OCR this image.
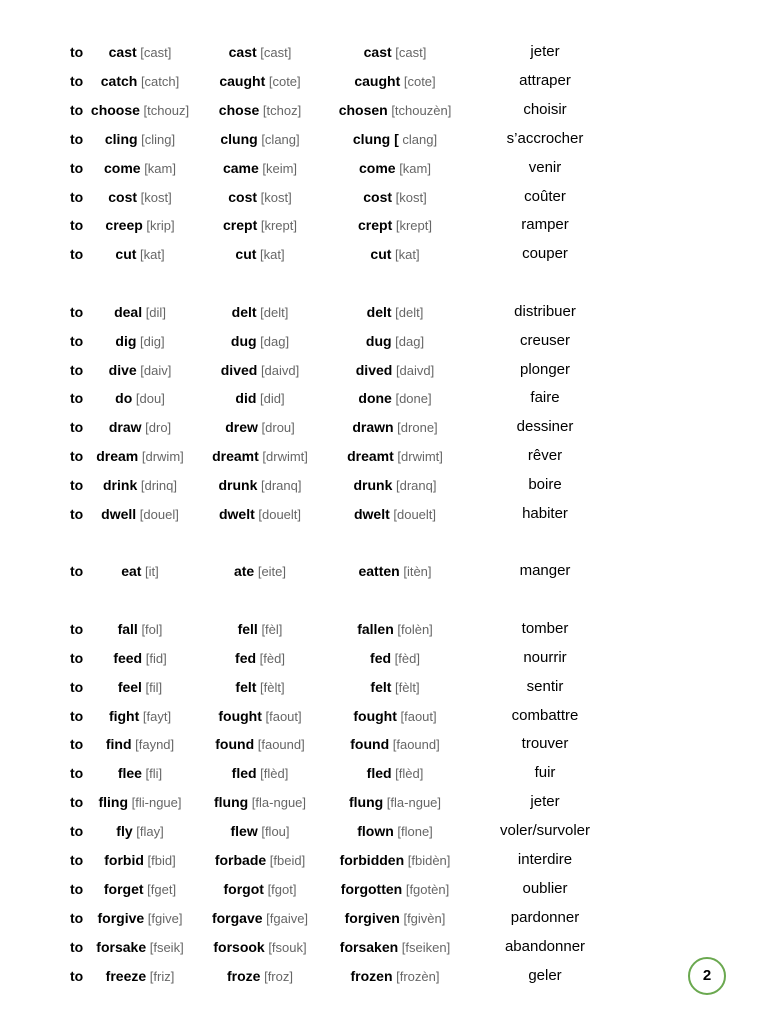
to cast [cast]	cast [cast]	cast [cast]	jeter
to catch [catch]	caught [cote]	caught [cote]	attraper
to choose [tchouz] chose [tchoz]	chosen [tchouzèn]	choisir
to cling [cling]	clung [clang]	clung [ clang]	s’accrocher
to come [kam]	came [keim]	come [kam]	venir
to cost [kost]	cost [kost]	cost [kost]	coûter
to creep [krip]	crept [krept]	crept [krept]	ramper
to cut [kat]	cut [kat]	cut [kat]	couper
to deal [dil]	delt [delt]	delt [delt]	distribuer
to dig [dig]	dug [dag]	dug [dag]	creuser
to dive [daiv]	dived [daivd]	dived [daivd]	plonger
to do [dou]	did [did]	done [done]	faire
to draw [dro]	drew [drou]	drawn [drone]	dessiner
to dream [drwim] dreamt [drwimt]	dreamt [drwimt]	rêver
to drink [drinq]	drunk [dranq]	drunk [dranq]	boire
to dwell [douel]	dwelt [douelt]	dwelt [douelt]	habiter
to	eat [it]	ate [eite]	eatten [itèn]	manger
to fall [fol]	fell [fèl]	fallen [folèn]	tomber
to feed [fid]	fed [fèd]	fed [fèd]	nourrir
to feel [fil]	felt [fèlt]	felt [fèlt]	sentir
to fight [fayt]	fought [faout]	fought [faout]	combattre
to find [faynd]	found [faound]	found [faound]	trouver
to flee [fli]	fled [flèd]	fled [flèd]	fuir
to fling [fli-ngue] flung [fla-ngue]	flung [fla-ngue]	jeter
to fly [flay]	flew [flou]	flown [flone]	voler/survoler
to forbid [fbid]	forbade [fbeid] forbidden [fbidèn]	interdire
to forget [fget]	forgot [fgot]	forgotten [fgotèn]	oublier
to forgive [fgive] forgave [fgaive]	forgiven [fgivèn]	pardonner
to forsake [fseik] forsook [fsouk] forsaken [fseiken]	abandonner
to freeze [friz]	froze [froz]	frozen [frozèn]	geler	2
